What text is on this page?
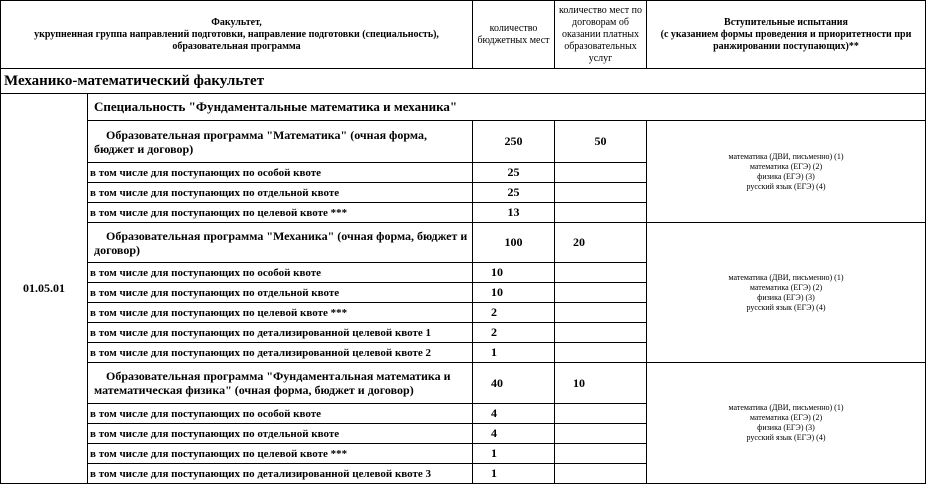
Факультет,
укрупненная группа направлений подготовки, направление подготовки (специальность),
образовательная программа		количество бюджетных мест	количество мест по договорам об оказании платных образовательных услуг	Вступительные испытания
(с указанием формы проведения и приоритетности при ранжировании поступающих)**
Механико-математический факультет				
01.05.01	Специальность "Фундаментальные математика и механика"			
	Образовательная программа "Математика" (очная форма, бюджет и договор)	250	50	математика (ДВИ, письменно) (1)
математика (ЕГЭ) (2)
физика (ЕГЭ) (3)
русский язык (ЕГЭ) (4)

	в том числе для поступающих по особой квоте	25		
	в том числе для поступающих по отдельной квоте	25		
	в том числе для поступающих по целевой квоте ***	13		
	Образовательная программа "Механика" (очная форма, бюджет и договор)	100	20	математика (ДВИ, письменно) (1)
математика (ЕГЭ) (2)
физика (ЕГЭ) (3)
русский язык (ЕГЭ) (4)

	в том числе для поступающих по особой квоте	10		
	в том числе для поступающих по отдельной квоте	10		
	в том числе для поступающих по целевой квоте ***	2		
	в том числе для поступающих по детализированной целевой квоте 1	2		
	в том числе для поступающих по детализированной целевой квоте 2	1		
	Образовательная программа "Фундаментальная математика и математическая физика" (очная форма, бюджет и договор)	40	10	математика (ДВИ, письменно) (1)
математика (ЕГЭ) (2)
физика (ЕГЭ) (3)
русский язык (ЕГЭ) (4)

	в том числе для поступающих по особой квоте	4		
	в том числе для поступающих по отдельной квоте	4		
	в том числе для поступающих по целевой квоте ***	1		
	в том числе для поступающих по детализированной целевой квоте 3	1		
